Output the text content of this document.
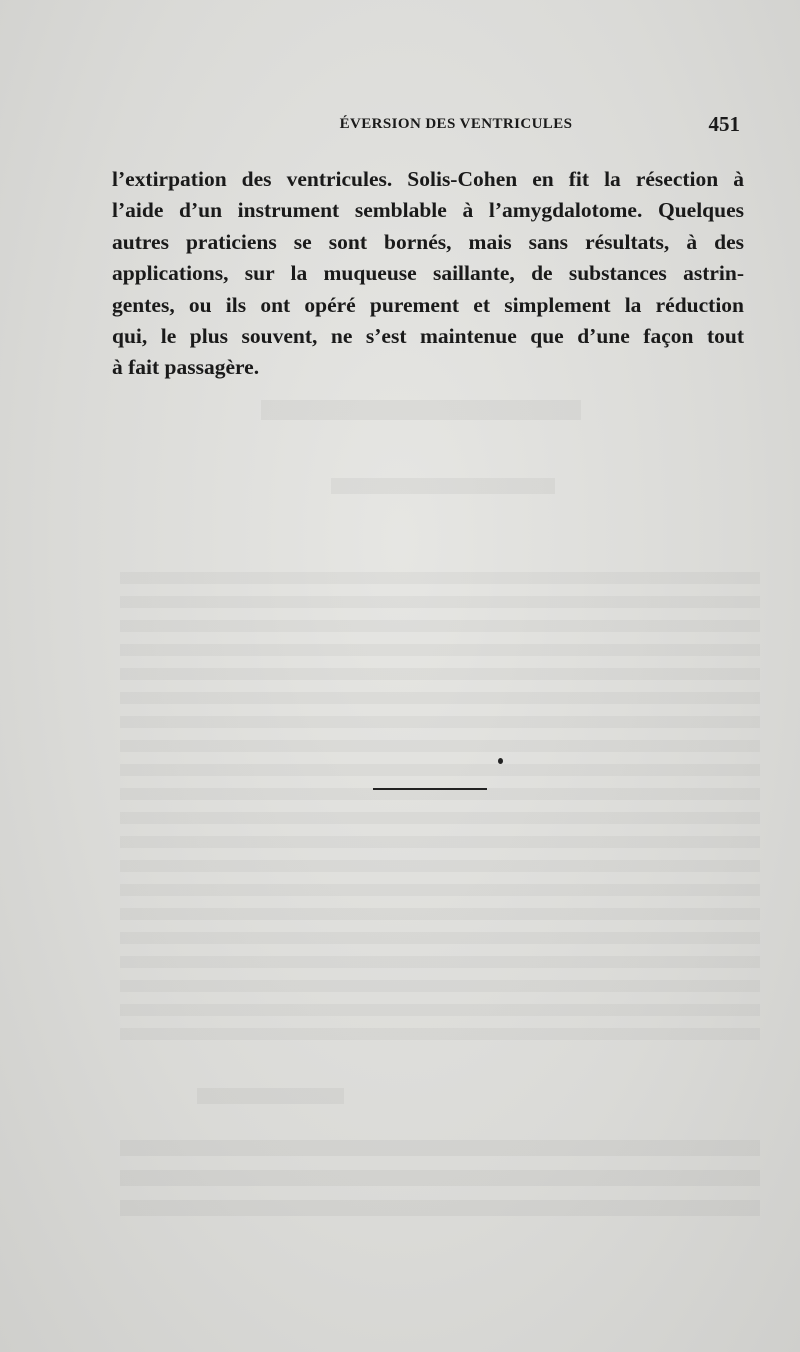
ÉVERSION DES VENTRICULES	451
l’extirpation des ventricules. Solis-Cohen en fit la résection à
l’aide d’un instrument semblable à l’amygdalotome. Quelques
autres praticiens se sont bornés, mais sans résultats, à des
applications, sur la muqueuse saillante, de substances astrin-
gentes, ou ils ont opéré purement et simplement la réduction
qui, le plus souvent, ne s’est maintenue que d’une façon tout
à fait passagère.
